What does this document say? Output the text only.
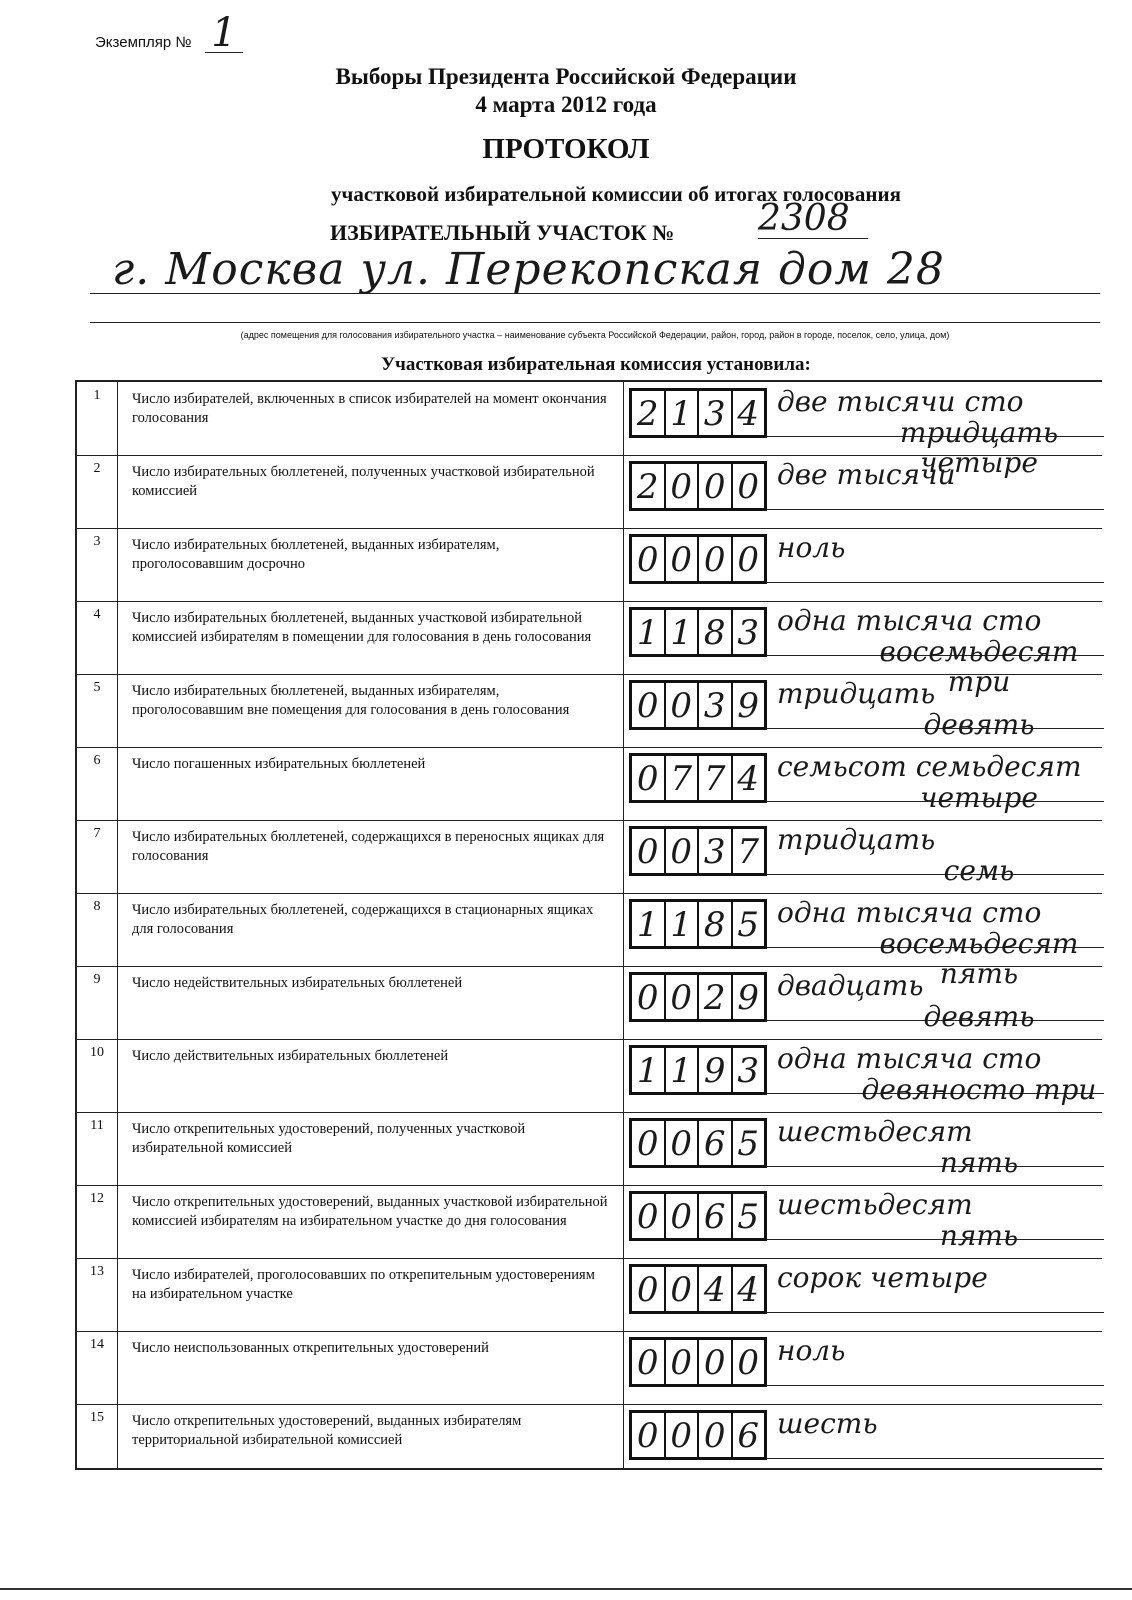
Экземпляр № 1
Выборы Президента Российской Федерации
4 марта 2012 года
ПРОТОКОЛ
участковой избирательной комиссии об итогах голосования
ИЗБИРАТЕЛЬНЫЙ УЧАСТОК № 2308
г. Москва ул. Перекопская дом 28
(адрес помещения для голосования избирательного участка – наименование субъекта Российской Федерации, район, город, район в городе, поселок, село, улица, дом)
Участковая избирательная комиссия установила:
1	Число избирателей, включенных в список избирателей на момент окончания голосования	2 1 3 4 две тысячи сто
тридцать четыре
2	Число избирательных бюллетеней, полученных участковой избирательной комиссией	2 0 0 0 две тысячи
3	Число избирательных бюллетеней, выданных избирателям, проголосовавшим досрочно	0 0 0 0 ноль
4	Число избирательных бюллетеней, выданных участковой избирательной комиссией избирателям в помещении для голосования в день голосования	1 1 8 3 одна тысяча сто
восемьдесят три
5	Число избирательных бюллетеней, выданных избирателям, проголосовавшим вне помещения для голосования в день голосования	0 0 3 9 тридцать
девять
6	Число погашенных избирательных бюллетеней	0 7 7 4 семьсот семьдесят
четыре
7	Число избирательных бюллетеней, содержащихся в переносных ящиках для голосования	0 0 3 7 тридцать
семь
8	Число избирательных бюллетеней, содержащихся в стационарных ящиках для голосования	1 1 8 5 одна тысяча сто
восемьдесят пять
9	Число недействительных избирательных бюллетеней	0 0 2 9 двадцать
девять
10	Число действительных избирательных бюллетеней	1 1 9 3 одна тысяча сто
девяносто три
11	Число открепительных удостоверений, полученных участковой избирательной комиссией	0 0 6 5 шестьдесят
пять
12	Число открепительных удостоверений, выданных участковой избирательной комиссией избирателям на избирательном участке до дня голосования	0 0 6 5 шестьдесят
пять
13	Число избирателей, проголосовавших по открепительным удостоверениям на избирательном участке	0 0 4 4 сорок четыре
14	Число неиспользованных открепительных удостоверений	0 0 0 0 ноль
15	Число открепительных удостоверений, выданных избирателям территориальной избирательной комиссией	0 0 0 6 шесть
